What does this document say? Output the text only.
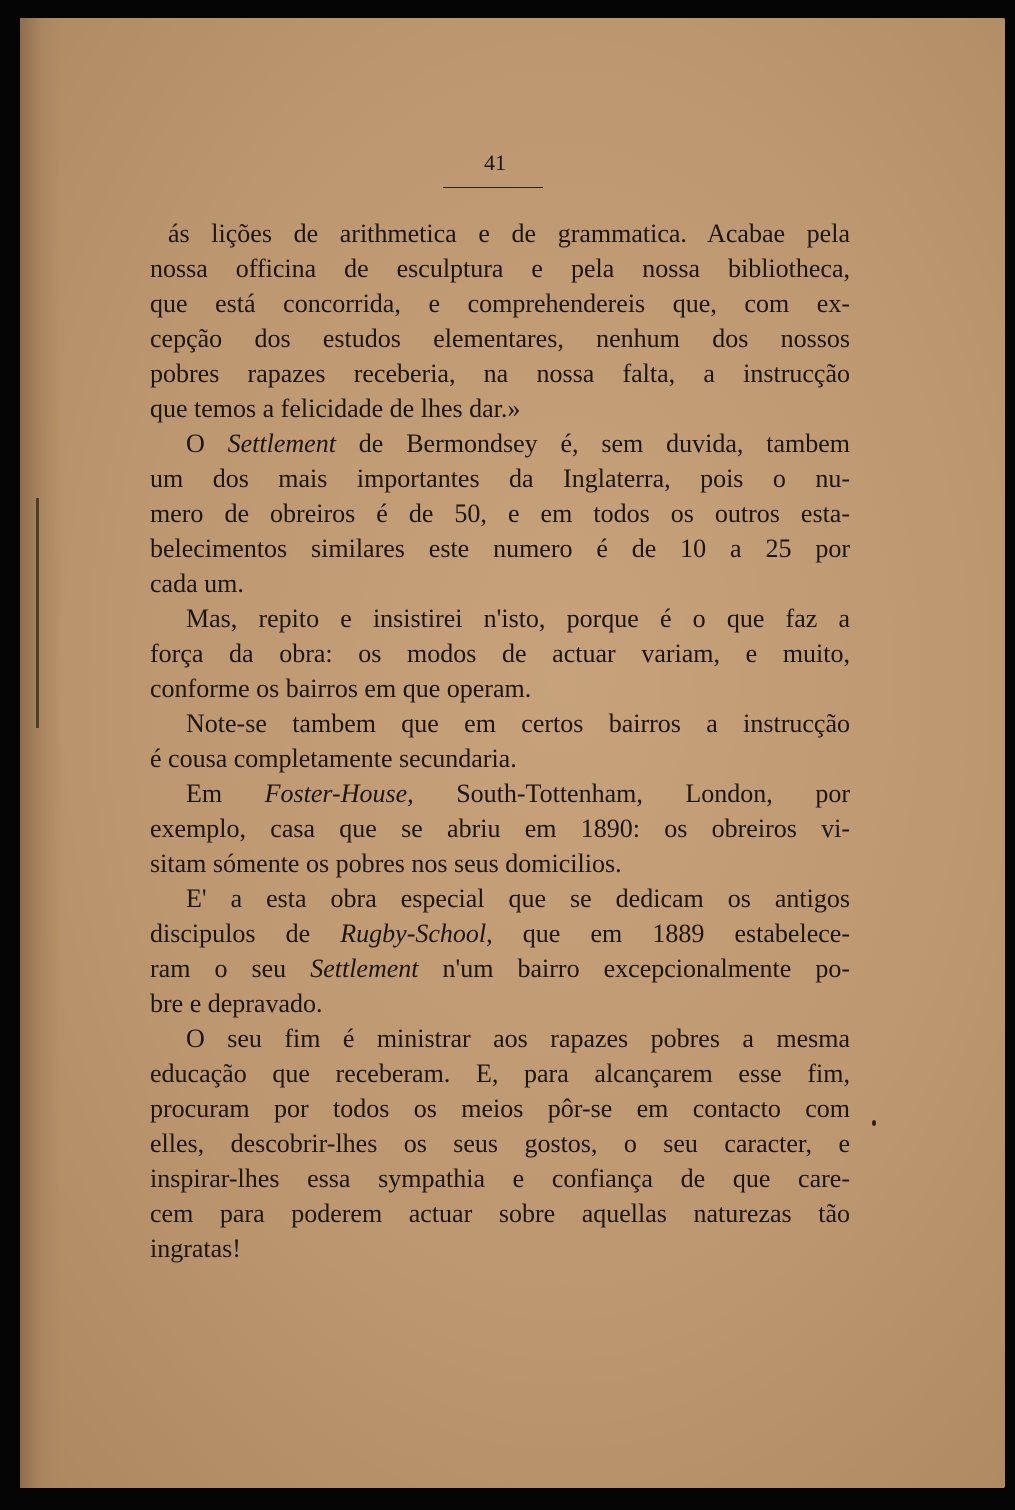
41
ás lições de arithmetica e de grammatica. Acabae pela
nossa officina de esculptura e pela nossa bibliotheca,
que está concorrida, e comprehendereis que, com ex-
cepção dos estudos elementares, nenhum dos nossos
pobres rapazes receberia, na nossa falta, a instrucção
que temos a felicidade de lhes dar.»
O Settlement de Bermondsey é, sem duvida, tambem
um dos mais importantes da Inglaterra, pois o nu-
mero de obreiros é de 50, e em todos os outros esta-
belecimentos similares este numero é de 10 a 25 por
cada um.
Mas, repito e insistirei n'isto, porque é o que faz a
força da obra: os modos de actuar variam, e muito,
conforme os bairros em que operam.
Note-se tambem que em certos bairros a instrucção
é cousa completamente secundaria.
Em Foster-House, South-Tottenham, London, por
exemplo, casa que se abriu em 1890: os obreiros vi-
sitam sómente os pobres nos seus domicilios.
E' a esta obra especial que se dedicam os antigos
discipulos de Rugby-School, que em 1889 estabelece-
ram o seu Settlement n'um bairro excepcionalmente po-
bre e depravado.
O seu fim é ministrar aos rapazes pobres a mesma
educação que receberam. E, para alcançarem esse fim,
procuram por todos os meios pôr-se em contacto com
elles, descobrir-lhes os seus gostos, o seu caracter, e
inspirar-lhes essa sympathia e confiança de que care-
cem para poderem actuar sobre aquellas naturezas tão
ingratas!
